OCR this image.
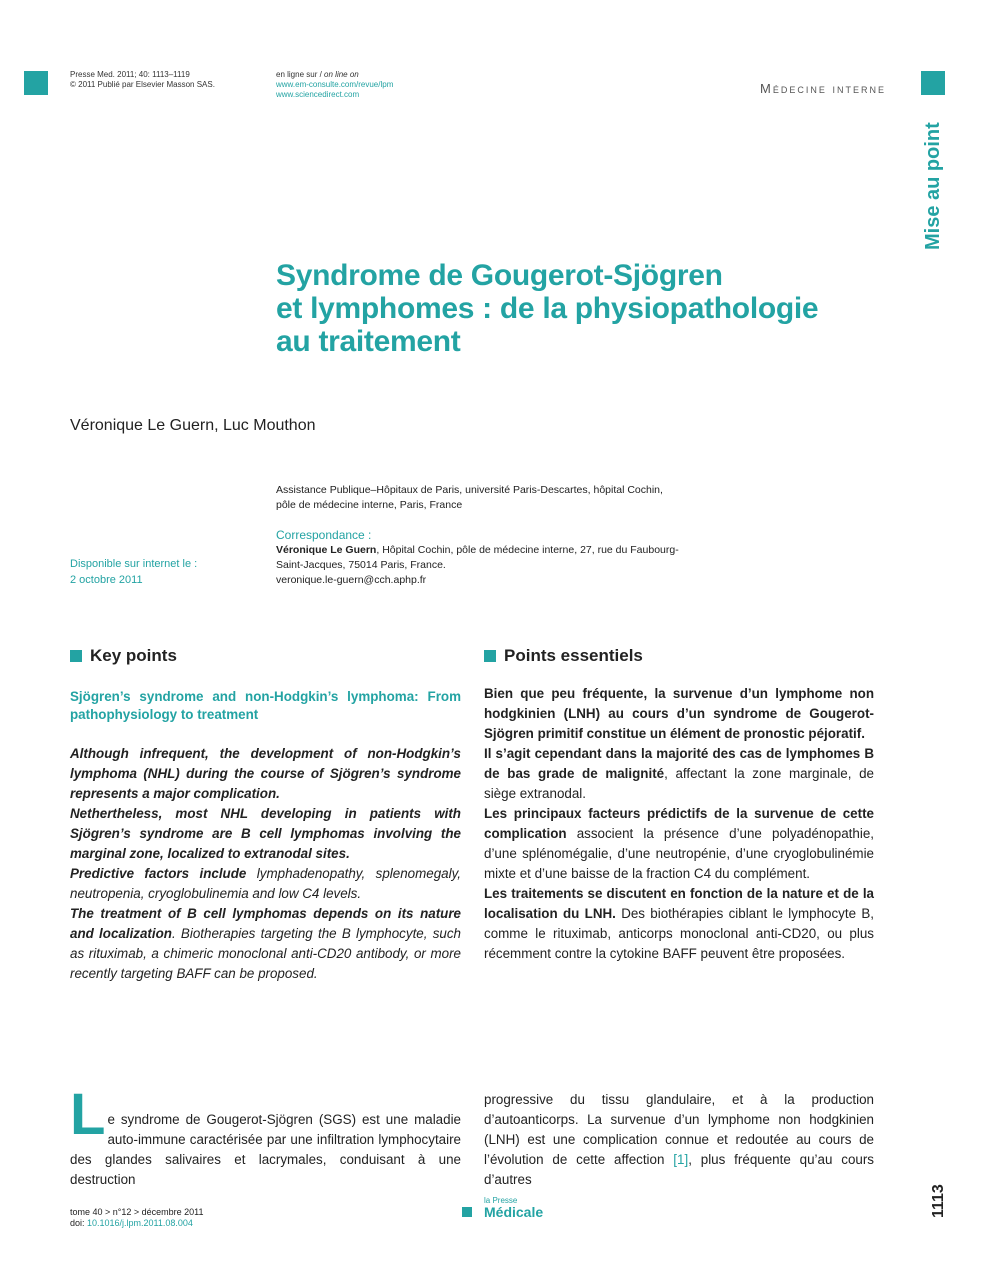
Presse Med. 2011; 40: 1113–1119
© 2011 Publié par Elsevier Masson SAS.
en ligne sur / on line on
www.em-consulte.com/revue/lpm
www.sciencedirect.com	Médecine interne
Mise au point
Syndrome de Gougerot-Sjögren
et lymphomes : de la physiopathologie
au traitement
Véronique Le Guern, Luc Mouthon
Assistance Publique–Hôpitaux de Paris, université Paris-Descartes, hôpital Cochin,
pôle de médecine interne, Paris, France
Correspondance :
Véronique Le Guern, Hôpital Cochin, pôle de médecine interne, 27, rue du Faubourg-
Saint-Jacques, 75014 Paris, France.
veronique.le-guern@cch.aphp.fr
Disponible sur internet le :
2 octobre 2011
Key points

Sjögren’s syndrome and non-Hodgkin’s lymphoma: From pathophysiology to treatment

Although infrequent, the development of non-Hodgkin’s lymphoma (NHL) during the course of Sjögren’s syndrome represents a major complication.

Nethertheless, most NHL developing in patients with Sjögren’s syndrome are B cell lymphomas involving the marginal zone, localized to extranodal sites.

Predictive factors include lymphadenopathy, splenomegaly, neutropenia, cryoglobulinemia and low C4 levels.

The treatment of B cell lymphomas depends on its nature and localization. Biotherapies targeting the B lymphocyte, such as rituximab, a chimeric monoclonal anti-CD20 antibody, or more recently targeting BAFF can be proposed.

Points essentiels

Bien que peu fréquente, la survenue d’un lymphome non hodgkinien (LNH) au cours d’un syndrome de Gougerot-Sjögren primitif constitue un élément de pronostic péjoratif.

Il s’agit cependant dans la majorité des cas de lymphomes B de bas grade de malignité, affectant la zone marginale, de siège extranodal.

Les principaux facteurs prédictifs de la survenue de cette complication associent la présence d’une polyadénopathie, d’une splénomégalie, d’une neutropénie, d’une cryoglobulinémie mixte et d’une baisse de la fraction C4 du complément.

Les traitements se discutent en fonction de la nature et de la localisation du LNH. Des biothérapies ciblant le lymphocyte B, comme le rituximab, anticorps monoclonal anti-CD20, ou plus récemment contre la cytokine BAFF peuvent être proposées.

L e syndrome de Gougerot-Sjögren (SGS) est une maladie auto-immune caractérisée par une infiltration lymphocytaire des glandes salivaires et lacrymales, conduisant à une destruction

progressive du tissu glandulaire, et à la production d’autoanticorps. La survenue d’un lymphome non hodgkinien (LNH) est une complication connue et redoutée au cours de l’évolution de cette affection [1], plus fréquente qu’au cours d’autres

tome 40 > n°12 > décembre 2011
doi: 10.1016/j.lpm.2011.08.004
la Presse
Médicale	1113
